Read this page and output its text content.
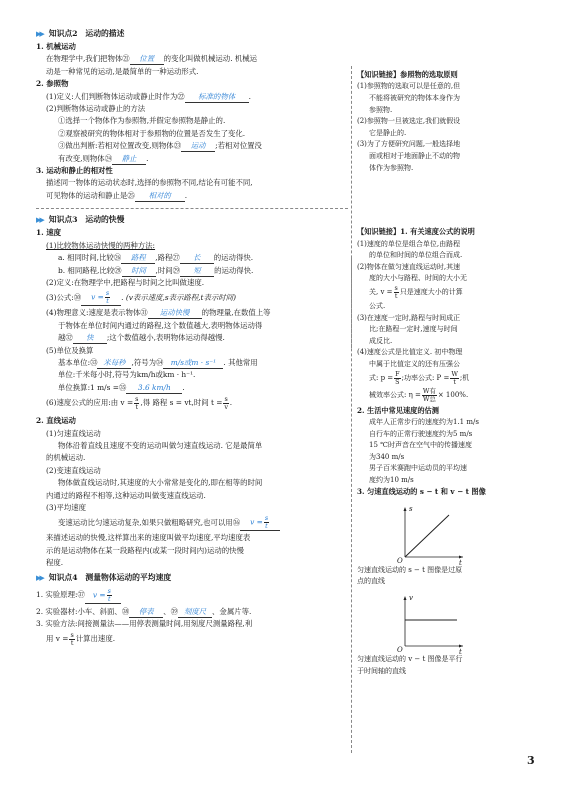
▶▶ 知识点2　运动的描述
1. 机械运动
在物理学中,我们把物体㉑ 位置 的变化叫做机械运动. 机械运
动是一种常见的运动,是最简单的一种运动形式.
2. 参照物
(1)定义:人们判断物体运动或静止时作为㉒ 标准的物体 .
(2)判断物体运动或静止的方法
①选择一个物体作为参照物,并假定参照物是静止的.
②观察被研究的物体相对于参照物的位置是否发生了变化.
③做出判断:若相对位置改变,则物体㉓ 运动 ;若相对位置没
有改变,则物体㉔ 静止 .
3. 运动和静止的相对性
描述同一物体的运动状态时,选择的参照物不同,结论有可能不同,
可见物体的运动和静止是㉕ 相对的 .
▶▶ 知识点3　运动的快慢
1. 速度
(1)比较物体运动快慢的两种方法:
a. 相同时间,比较㉖ 路程 ,路程㉗ 长 的运动得快.
b. 相同路程,比较㉘ 时间 ,时间㉙ 短 的运动得快.
(2)定义:在物理学中,把路程与时间之比叫做速度.
(3)公式: ㉚	$v = \frac{s}{t}$ . (v表示速度,s表示路程,t表示时间)
(4)物理意义:速度是表示物体㉛ 运动快慢 的物理量,在数值上等
于物体在单位时间内通过的路程,这个数值越大,表明物体运动得
越㉜ 快 ;这个数值越小,表明物体运动得越慢.
(5)单位及换算
基本单位:㉝ 米每秒 ,符号为㉞ m/s或m · s⁻¹ . 其他常用
单位:千米每小时,符号为km/h或km · h⁻¹.
单位换算:1 m/s =㉟ 3.6 km/h .
(6)速度公式的应用:由 $v = \frac{s}{t}$ ,得 路程 s = vt,时间 $t = \frac{s}{v}$ .
2. 直线运动
(1)匀速直线运动
物体沿着直线且速度不变的运动叫做匀速直线运动. 它是最简单
的机械运动.
(2)变速直线运动
物体做直线运动时,其速度的大小常常是变化的,即在相等的时间
内通过的路程不相等,这种运动叫做变速直线运动.
(3)平均速度
变速运动比匀速运动复杂,如果只做粗略研究,也可以用 ㊱	$v = \frac{s}{t}$
来描述运动的快慢,这样算出来的速度叫做平均速度,平均速度表
示的是运动物体在某一段路程内(或某一段时间内)运动的快慢
程度.
▶▶ 知识点4　测量物体运动的平均速度
1. 实验原理: ㊲	$v = \frac{s}{t}$
2. 实验器材:小车、斜面、㊳ 停表 、㊴ 刻度尺 、金属片等.
3. 实验方法:间接测量法——用停表测量时间,用刻度尺测量路程,利
用 $v = \frac{s}{t}$ 计算出速度.
【知识链接】参照物的选取原则
(1)参照物的选取可以是任意的,但
不能将被研究的物体本身作为
参照物.
(2)参照物一旦被选定,我们就假设
它是静止的.
(3)为了方便研究问题,一般选择地
面或相对于地面静止不动的物
体作为参照物.
【知识链接】1. 有关速度公式的说明
(1)速度的单位是组合单位,由路程
的单位和时间的单位组合而成.
(2)物体在做匀速直线运动时,其速
度的大小与路程、时间的大小无
关, $v = \frac{s}{t}$ 只是速度大小的计算
公式.
(3)在速度一定时,路程与时间成正
比;在路程一定时,速度与时间
成反比.
(4)速度公式是比值定义. 初中物理
中属于比值定义的还有压强公
式: $p = \frac{F}{S}$ ;功率公式: $P = \frac{W}{t}$ ;机
械效率公式: $\eta = \frac{\text{W有}}{\text{W总}} \times 100\%$.
2. 生活中常见速度的估测
成年人正常步行的速度约为1.1 m/s
自行车的正常行驶速度约为5 m/s
15 ℃时声音在空气中的传播速度
为340 m/s
男子百米赛跑中运动员的平均速
度约为10 m/s
3. 匀速直线运动的 s − t 和 v − t 图像
s
t
O
匀速直线运动的 s − t 图像是过原
点的直线
v
t
O
匀速直线运动的 v − t 图像是平行
于时间轴的直线
3
